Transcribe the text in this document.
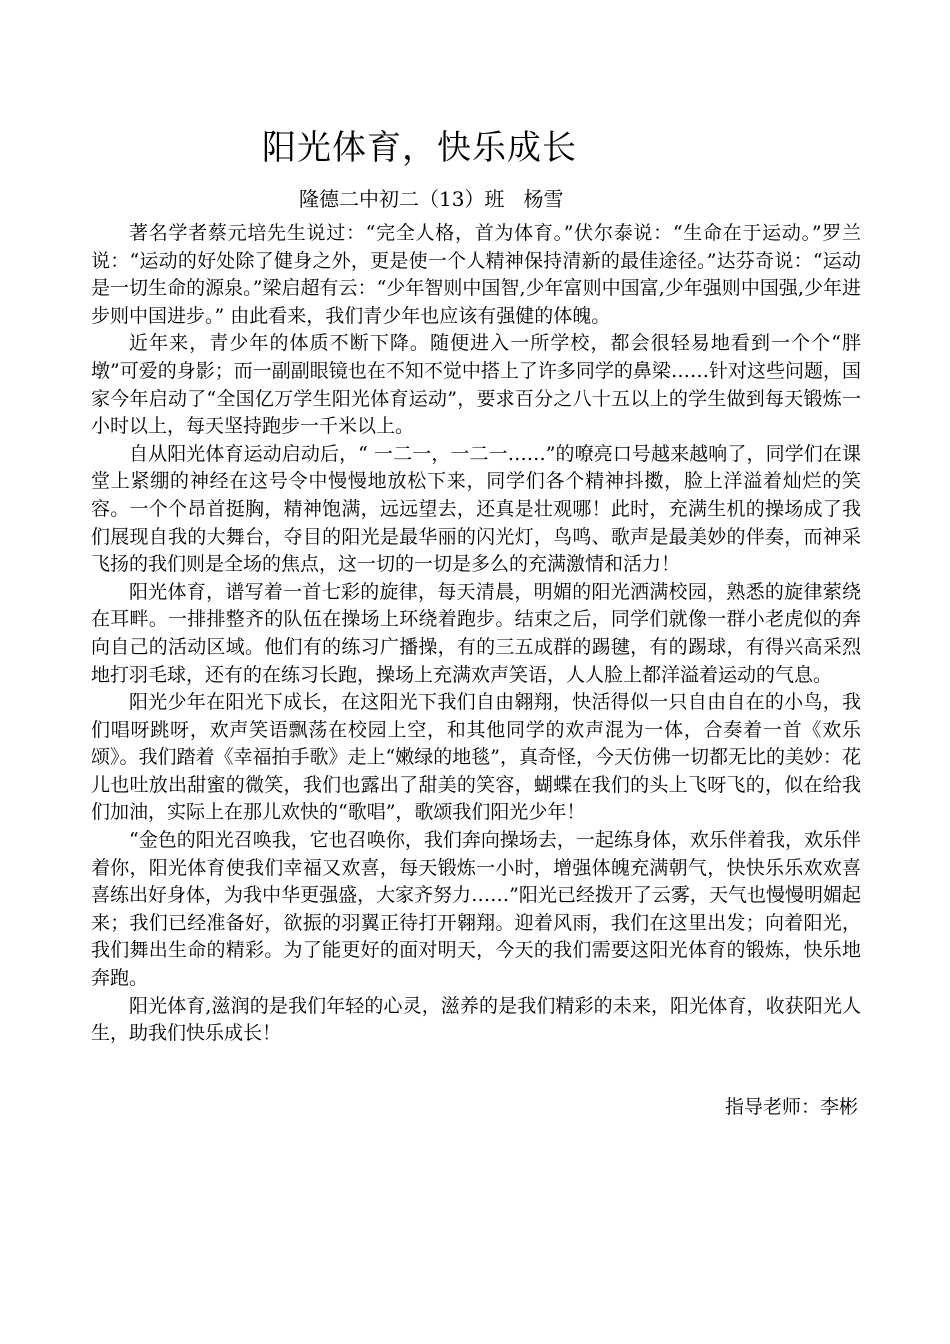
阳光体育，快乐成长
隆德二中初二（13）班   杨雪

著名学者蔡元培先生说过：“完全人格，首为体育。”伏尔泰说：“生命在于运动。”罗兰说：“运动的好处除了健身之外，更是使一个人精神保持清新的最佳途径。”达芬奇说：“运动是一切生命的源泉。”梁启超有云：“少年智则中国智,少年富则中国富,少年强则中国强,少年进步则中国进步。” 由此看来，我们青少年也应该有强健的体魄。

近年来，青少年的体质不断下降。随便进入一所学校，都会很轻易地看到一个个“胖墩”可爱的身影；而一副副眼镜也在不知不觉中搭上了许多同学的鼻梁……针对这些问题，国家今年启动了“全国亿万学生阳光体育运动”，要求百分之八十五以上的学生做到每天锻炼一小时以上，每天坚持跑步一千米以上。

自从阳光体育运动启动后，“ 一二一，一二一……”的嘹亮口号越来越响了，同学们在课堂上紧绷的神经在这号令中慢慢地放松下来，同学们各个精神抖擞，脸上洋溢着灿烂的笑容。一个个昂首挺胸，精神饱满，远远望去，还真是壮观哪！此时，充满生机的操场成了我们展现自我的大舞台，夺目的阳光是最华丽的闪光灯，鸟鸣、歌声是最美妙的伴奏，而神采飞扬的我们则是全场的焦点，这一切的一切是多么的充满激情和活力！

阳光体育，谱写着一首七彩的旋律，每天清晨，明媚的阳光洒满校园，熟悉的旋律萦绕在耳畔。一排排整齐的队伍在操场上环绕着跑步。结束之后，同学们就像一群小老虎似的奔向自己的活动区域。他们有的练习广播操，有的三五成群的踢毽，有的踢球，有得兴高采烈地打羽毛球，还有的在练习长跑，操场上充满欢声笑语，人人脸上都洋溢着运动的气息。

阳光少年在阳光下成长，在这阳光下我们自由翱翔，快活得似一只自由自在的小鸟，我们唱呀跳呀，欢声笑语飘荡在校园上空，和其他同学的欢声混为一体，合奏着一首《欢乐颂》。我们踏着《幸福拍手歌》走上“嫩绿的地毯”，真奇怪，今天仿佛一切都无比的美妙：花儿也吐放出甜蜜的微笑，我们也露出了甜美的笑容，蝴蝶在我们的头上飞呀飞的，似在给我们加油，实际上在那儿欢快的“歌唱”，歌颂我们阳光少年！

“金色的阳光召唤我，它也召唤你，我们奔向操场去，一起练身体，欢乐伴着我，欢乐伴着你，阳光体育使我们幸福又欢喜，每天锻炼一小时，增强体魄充满朝气，快快乐乐欢欢喜喜练出好身体，为我中华更强盛，大家齐努力……”阳光已经拨开了云雾，天气也慢慢明媚起来；我们已经准备好，欲振的羽翼正待打开翱翔。迎着风雨，我们在这里出发；向着阳光，我们舞出生命的精彩。为了能更好的面对明天，今天的我们需要这阳光体育的锻炼，快乐地奔跑。

阳光体育,滋润的是我们年轻的心灵，滋养的是我们精彩的未来，阳光体育，收获阳光人生，助我们快乐成长！

指导老师：李彬
